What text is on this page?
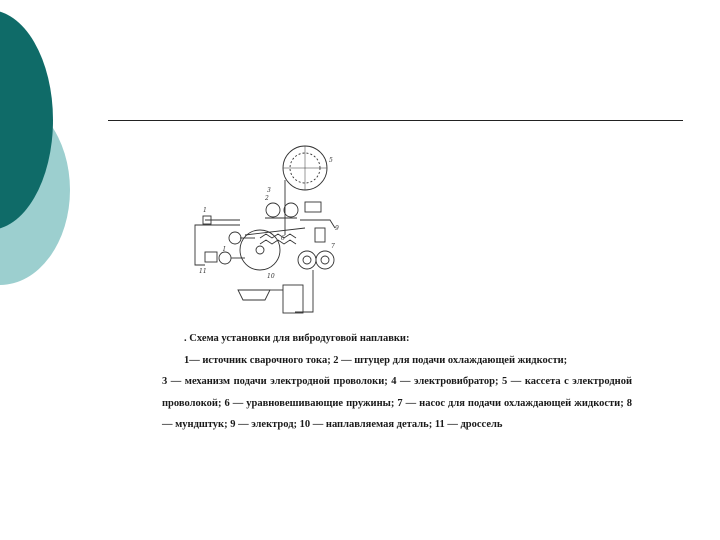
1
2
3
5
6
7
9
10
11
I
. Схема установки для вибродуговой наплавки:
1— источник сварочного тока; 2 — штуцер для подачи охлаждающей жидкости;
3 — механизм подачи электродной проволоки; 4 — электровибратор; 5 — кассета с электродной проволокой; 6 — уравновешивающие пружины; 7 — насос для подачи охлаждающей жидкости; 8 — мундштук; 9 — электрод; 10 — наплавляемая деталь; 11 — дроссель
